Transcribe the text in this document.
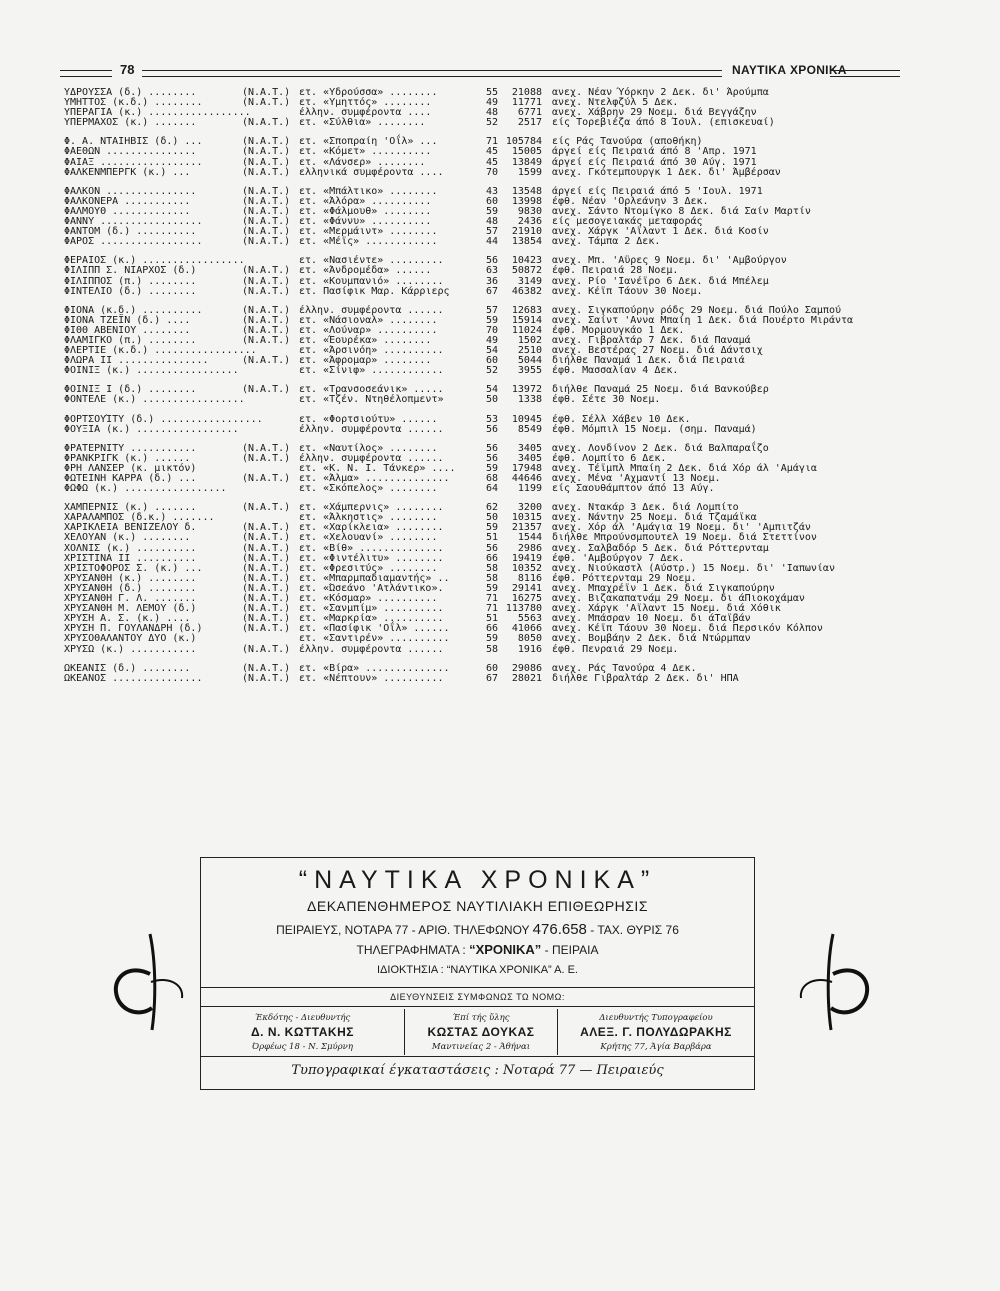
78	ΝΑΥΤΙΚΑ ΧΡΟΝΙΚΑ
ΥΔΡΟΥΣΣΑ (δ.) ........	(Ν.Α.Τ.) ετ. «Υδρούσσα» ........	55	21088 ανεχ. Νέαν Ύόρκην 2 Δεκ. δι' Άρούμπα
ΥΜΗΤΤΟΣ (κ.δ.) ........	(Ν.Α.Τ.) ετ. «Υμηττός» ........	49	11771 ανεχ. Ντελφζύλ 5 Δεκ.
ΥΠΕΡΑΓΙΑ (κ.) .................	έλλην. συμφέροντα ....	48	6771 ανεχ. Χάβρην 29 Νοεμ. διά Βεγγάζην
ΥΠΕΡΜΑΧΟΣ (κ.) .......	(Ν.Α.Τ.) ετ. «Σύλθια» ........	52	2517 είς Τορεβιέζα άπό 8 Ίουλ. (επισκευαί)
Φ. Α. ΝΤΑΙΗΒΙΣ (δ.) ...	(Ν.Α.Τ.) ετ. «Σποπραίη 'Οΐλ» ...	71 105784 είς Ράς Τανούρα (αποθήκη)
ΦΑΕΘΩΝ ...............	(Ν.Α.Τ.) ετ. «Κόμετ» ..........	45	15005 άργεί είς Πειραιά άπό 8 'Απρ. 1971
ΦΑΙΑΞ .................	(Ν.Α.Τ.) ετ. «Λάνσερ» ........	45	13849 άργεί είς Πειραιά άπό 30 Αύγ. 1971
ΦΑΛΚΕΝΜΠΕΡΓΚ (κ.) ...	(Ν.Α.Τ.) ελληνικά συμφέροντα ....	70	1599 ανεχ. Γκότεμπουργκ 1 Δεκ. δι' Άμβέρσαν
ΦΑΛΚΟΝ ...............	(Ν.Α.Τ.) ετ. «Μπάλτικο» ........	43	13548 άργεί είς Πειραιά άπό 5 'Ιουλ. 1971
ΦΑΛΚΟΝΕΡΑ ...........	(Ν.Α.Τ.) ετ. «Άλόρα» ..........	60	13998 έφθ. Νέαν 'Ορλεάνην 3 Δεκ.
ΦΑΛΜΟΥΘ .............	(Ν.Α.Τ.) ετ. «Φάλμουθ» ........	59	9830 ανεχ. Σάντο Ντομίγκο 8 Δεκ. διά Σαίν Μαρτίν
ΦΑΝΝΥ .................	(Ν.Α.Τ.) ετ. «Φάννυ» ..........	48	2436 είς μεσογειακάς μεταφοράς
ΦΑΝΤΟΜ (δ.) ..........	(Ν.Α.Τ.) ετ. «Μερμάιντ» ........	57	21910 ανεχ. Χάργκ 'Αϊλαντ 1 Δεκ. διά Κοσίν
ΦΑΡΟΣ .................	(Ν.Α.Τ.) ετ. «Μέϊς» ............	44	13854 ανεχ. Τάμπα 2 Δεκ.
ΦΕΡΑΙΟΣ (κ.) .................	ετ. «Νασιέντε» .........	56	10423 ανεχ. Μπ. 'Αϋρες 9 Νοεμ. δι' 'Αμβούργον
ΦΙΛΙΠΠ Σ. ΝΙΑΡΧΟΣ (δ.)	(Ν.Α.Τ.) ετ. «Άνδρομέδα» ......	63	50872 έφθ. Πειραιά 28 Νοεμ.
ΦΙΛΙΠΠΟΣ (π.) ........	(Ν.Α.Τ.) ετ. «Κουμπανιό» ........	36	3149 ανεχ. Ρίο 'Ιανέϊρο 6 Δεκ. διά Μπέλεμ
ΦΙΝΤΕΛΙΟ (δ.) ........	(Ν.Α.Τ.) ετ. Πασίφικ Μαρ. Κάρριερς	67	46382 ανεχ. Κέϊπ Τάουν 30 Νοεμ.
ΦΙΟΝΑ (κ.δ.) ..........	(Ν.Α.Τ.) έλλην. συμφέροντα ......	57	12683 ανεχ. Σιγκαπούρην ρόδς 29 Νοεμ. διά Πούλο Σαμπού
ΦΙΟΝΑ ΤΖΕΪΝ (δ.) ....	(Ν.Α.Τ.) ετ. «Νάσιοναλ» ........	59	15914 ανεχ. Σαίντ 'Αννα Μπαίη 1 Δεκ. διά Πουέρτο Μιράντα
ΦΙΘΘ ΑΒΕΝΙΟΥ ........	(Ν.Α.Τ.) ετ. «Λούναρ» ..........	70	11024 έφθ. Μορμουγκάο 1 Δεκ.
ΦΛΑΜΙΓΚΟ (π.) ........	(Ν.Α.Τ.) ετ. «Έουρέκα» ........	49	1502 ανεχ. Γιβραλτάρ 7 Δεκ. διά Παναμά
ΦΛΕΡΤΙΕ (κ.δ.) .................	ετ. «Άρσινόη» ..........	54	2510 ανεχ. Βεστέρας 27 Νοεμ. διά Δάντσιχ
ΦΛΩΡΑ ΙΙ ...............	(Ν.Α.Τ.) ετ. «Άφρομαρ» ........	60	5044 διήλθε Παναμά 1 Δεκ. διά Πειραιά
ΦΟΙΝΙΞ (κ.) .................	ετ. «Σίνιφ» ............	52	3955 έφθ. Μασσαλίαν 4 Δεκ.
ΦΟΙΝΙΞ Ι (δ.) ........	(Ν.Α.Τ.) ετ. «Τρανσοσεάνικ» .....	54	13972 διήλθε Παναμά 25 Νοεμ. διά Βανκούβερ
ΦΟΝΤΕΛΕ (κ.) .................	ετ. «Τζέν. Ντηθέλοπμεντ»	50	1338 έφθ. Σέτε 30 Νοεμ.
ΦΟΡΤΣΟΥΊΤΥ (δ.) .................	ετ. «Φορτσιούτυ» ......	53	10945 έφθ. Σέλλ Χάβεν 10 Δεκ.
ΦΟΥΞΙΑ (κ.) .................	έλλην. συμφέροντα ......	56	8549 έφθ. Μόμπιλ 15 Νοεμ. (σημ. Παναμά)
ΦΡΑΤΕΡΝΙΤΥ ...........	(Ν.Α.Τ.) ετ. «Ναυτίλος» ........	56	3405 ανεχ. Λονδίνον 2 Δεκ. διά Βαλπαραΐζο
ΦΡΑΝΚΡΙΓΚ (κ.) ......	(Ν.Α.Τ.) έλλην. συμφέροντα ......	56	3405 έφθ. Λομπίτο 6 Δεκ.
ΦΡΗ ΛΑΝΣΕΡ (κ. μικτόν)	ετ. «Κ. Ν. Ι. Τάνκερ» ....	59	17948 ανεχ. Τέϊμπλ Μπαίη 2 Δεκ. διά Χόρ άλ 'Αμάγια
ΦΩΤΕΙΝΗ ΚΑΡΡΑ (δ.) ...	(Ν.Α.Τ.) ετ. «Άλμα» ..............	68	44646 ανεχ. Μένα 'Αχμαντί 13 Νοεμ.
ΦΩΦΩ (κ.) .................	ετ. «Σκόπελος» ........	64	1199 είς Σαουθάμπτον άπό 13 Αύγ.
ΧΑΜΠΕΡΝΙΣ (κ.) .......	(Ν.Α.Τ.) ετ. «Χάμπερνις» ........	62	3200 ανεχ. Ντακάρ 3 Δεκ. διά Λομπίτο
ΧΑΡΑΛΑΜΠΟΣ (δ.κ.) .......	ετ. «Άλκηστις» ........	50	10315 ανεχ. Νάντην 25 Νοεμ. διά Τζαμάϊκα
ΧΑΡΙΚΛΕΙΑ ΒΕΝΙΖΕΛΟΥ δ.	(Ν.Α.Τ.) ετ. «Χαρίκλεια» ........	59	21357 ανεχ. Χόρ άλ 'Αμάγια 19 Νοεμ. δι' 'Αμπιτζάν
ΧΕΛΟΥΑΝ (κ.) ........	(Ν.Α.Τ.) ετ. «Χελουανί» ........	51	1544 διήλθε Μπρούνσμπουτελ 19 Νοεμ. διά Στεττίνον
ΧΟΛΝΙΣ (κ.) ..........	(Ν.Α.Τ.) ετ. «Βίθ» ..............	56	2986 ανεχ. Σαλβαδόρ 5 Δεκ. διά Ρόττερνταμ
ΧΡΙΣΤΙΝΑ ΙΙ ..........	(Ν.Α.Τ.) ετ. «Φιντέλιτυ» ........	66	19419 έφθ. 'Αμβούργον 7 Δεκ.
ΧΡΙΣΤΟΦΟΡΟΣ Σ. (κ.) ...	(Ν.Α.Τ.) ετ. «Φρεσιτύς» ........	58	10352 ανεχ. Νιούκαστλ (Αύστρ.) 15 Νοεμ. δι' 'Ιαπωνίαν
ΧΡΥΣΑΝΘΗ (κ.) ........	(Ν.Α.Τ.) ετ. «Μπαρμπαδιαμαντής» ..	58	8116 έφθ. Ρόττερνταμ 29 Νοεμ.
ΧΡΥΣΑΝΘΗ (δ.) ........	(Ν.Α.Τ.) ετ. «Ώσεάνο 'Ατλάντικο».	59	29141 ανεχ. Μπαχρέϊν 1 Δεκ. διά Σιγκαπούρην
ΧΡΥΣΑΝΘΗ Γ. Λ. .......	(Ν.Α.Τ.) ετ. «Κόσμαρ» ..........	71	16275 ανεχ. Βιζακαπατνάμ 29 Νοεμ. δι άΠιοκοχάμαν
ΧΡΥΣΑΝΘΗ Μ. ΛΕΜΟΥ (δ.)	(Ν.Α.Τ.) ετ. «Σανμπίμ» ..........	71 113780 ανεχ. Χάργκ 'Αϊλαντ 15 Νοεμ. διά Χόθικ
ΧΡΥΣΗ Α. Σ. (κ.) ....	(Ν.Α.Τ.) ετ. «Μαρκρία» ..........	51	5563 ανεχ. Μπάσραν 10 Νοεμ. δι άΤαϊβάν
ΧΡΥΣΗ Π. ΓΟΥΛΑΝΔΡΗ (δ.)	(Ν.Α.Τ.) ετ. «Πασίφικ 'Οΐλ» ......	66	41066 ανεχ. Κέϊπ Τάουν 30 Νοεμ. διά Περσικόν Κόλπον
ΧΡΥΣΟΘΑΛΑΝΤΟΥ ΔΥΟ (κ.)	ετ. «Σαντιρέν» ..........	59	8050 ανεχ. Βομβάην 2 Δεκ. διά Ντώρμπαν
ΧΡΥΣΩ (κ.) ...........	(Ν.Α.Τ.) έλλην. συμφέροντα ......	58	1916 έφθ. Πενραιά 29 Νοεμ.
ΩΚΕΑΝΙΣ (δ.) ........	(Ν.Α.Τ.) ετ. «Βίρα» ..............	60	29086 ανεχ. Ράς Τανούρα 4 Δεκ.
ΩΚΕΑΝΟΣ ...............	(Ν.Α.Τ.) ετ. «Νέπτουν» ..........	67	28021 διήλθε Γιβραλτάρ 2 Δεκ. δι' ΗΠΑ
“ΝΑΥΤΙΚΑ ΧΡΟΝΙΚΑ”
ΔΕΚΑΠΕΝΘΗΜΕΡΟΣ ΝΑΥΤΙΛΙΑΚΗ ΕΠΙΘΕΩΡΗΣΙΣ
ΠΕΙΡΑΙΕΥΣ, ΝΟΤΑΡΑ 77 - ΑΡΙΘ. ΤΗΛΕΦΩΝΟΥ 476.658 - ΤΑΧ. ΘΥΡΙΣ 76
ΤΗΛΕΓΡΑΦΗΜΑΤΑ : “ΧΡΟΝΙΚΑ” - ΠΕΙΡΑΙΑ
ΙΔΙΟΚΤΗΣΙΑ : “ΝΑΥΤΙΚΑ ΧΡΟΝΙΚΑ” Α. Ε.
ΔΙΕΥΘΥΝΣΕΙΣ ΣΥΜΦΩΝΩΣ ΤΩ ΝΟΜΩ:
Έκδότης - Διευθυντής
Δ. Ν. ΚΩΤΤΑΚΗΣ
Όρφέως 18 - Ν. Σμύρνη
Έπί τής ὕλης
ΚΩΣΤΑΣ ΔΟΥΚΑΣ
Μαντινείας 2 - Άθήναι
Διευθυντής Τυπογραφείου
ΑΛΕΞ. Γ. ΠΟΛΥΔΩΡΑΚΗΣ
Κρήτης 77, Άγία Βαρβάρα
Τυπογραφικαί έγκαταστάσεις : Νοταρά 77 — Πειραιεύς
